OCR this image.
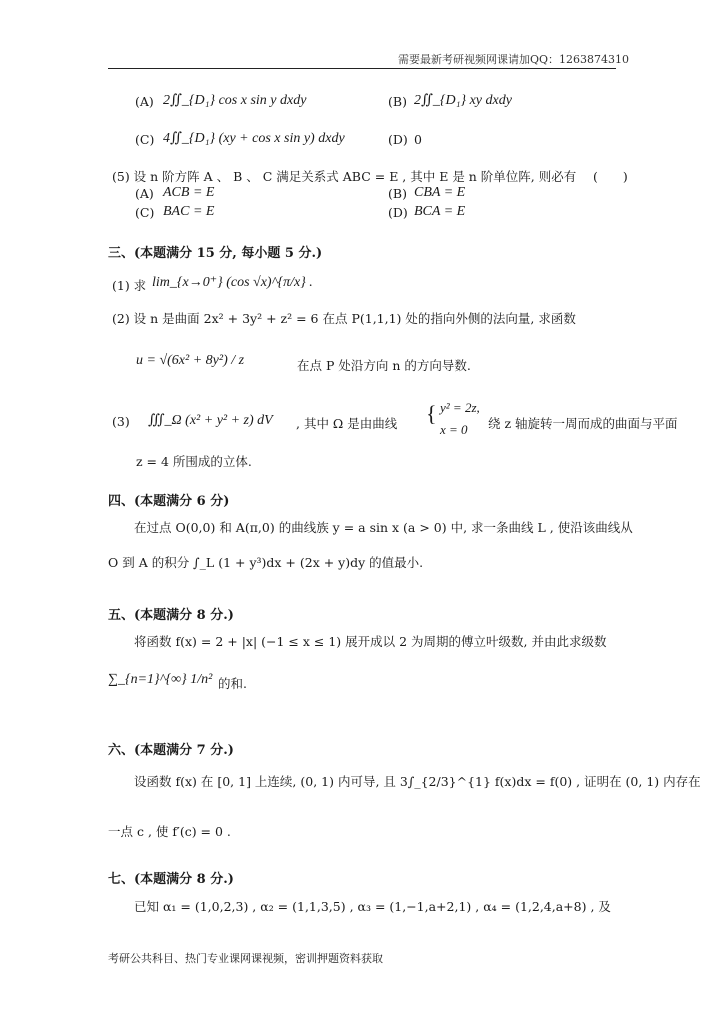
需要最新考研视频网课请加QQ：1263874310
(A) 2∬_{D₁} cos x sin y dxdy	(B) 2∬_{D₁} xy dxdy
(C) 4∬_{D₁} (xy + cos x sin y) dxdy	(D) 0
(5) 设 n 阶方阵 A 、 B 、 C 满足关系式 ABC = E , 其中 E 是 n 阶单位阵, 则必有 (　　)
(A) ACB = E	(B) CBA = E
(C) BAC = E	(D) BCA = E
三、(本题满分 15 分, 每小题 5 分.)
(1) 求 lim_{x→0⁺} (cos √x)^{π/x} .
(2) 设 n 是曲面 2x² + 3y² + z² = 6 在点 P(1,1,1) 处的指向外侧的法向量, 求函数
u = √(6x² + 8y²) / z	在点 P 处沿方向 n 的方向导数.
(3) ∭_Ω (x² + y² + z) dV , 其中 Ω 是由曲线 { y² = 2z,
x = 0 绕 z 轴旋转一周而成的曲面与平面
z = 4 所围成的立体.
四、(本题满分 6 分)
在过点 O(0,0) 和 A(π,0) 的曲线族 y = a sin x (a > 0) 中, 求一条曲线 L , 使沿该曲线从
O 到 A 的积分 ∫_L (1 + y³)dx + (2x + y)dy 的值最小.
五、(本题满分 8 分.)
将函数 f(x) = 2 + |x| (−1 ≤ x ≤ 1) 展开成以 2 为周期的傅立叶级数, 并由此求级数
∑_{n=1}^{∞} 1/n² 的和.
六、(本题满分 7 分.)
设函数 f(x) 在 [0, 1] 上连续, (0, 1) 内可导, 且 3∫_{2/3}^{1} f(x)dx = f(0) , 证明在 (0, 1) 内存在
一点 c , 使 f′(c) = 0 .
七、(本题满分 8 分.)
已知 α₁ = (1,0,2,3) , α₂ = (1,1,3,5) , α₃ = (1,−1,a+2,1) , α₄ = (1,2,4,a+8) , 及
考研公共科目、热门专业课网课视频，密训押题资料获取
